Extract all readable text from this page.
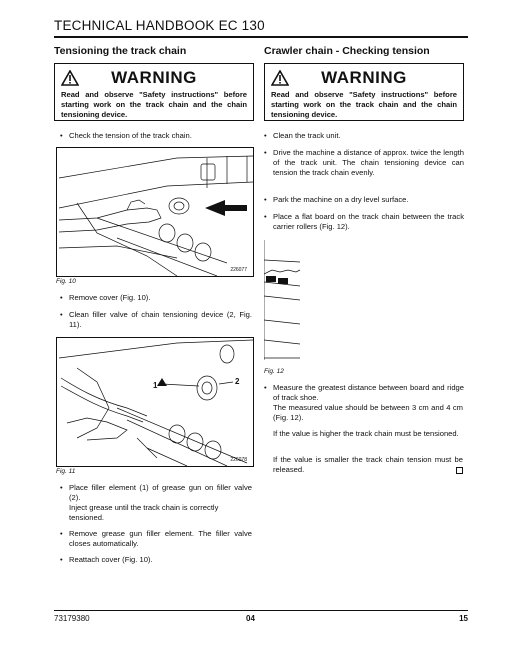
TECHNICAL HANDBOOK EC 130
Tensioning the track chain
WARNING
Read and observe "Safety instructions" before starting work on the track chain and the chain tensioning device.
• Check the tension of the track chain.
226077
Fig. 10
• Remove cover (Fig. 10).
• Clean filler valve of chain tensioning device (2, Fig. 11).
1	2
226078
Fig. 11
• Place filler element (1) of grease gun on filler valve (2).
Inject grease until the track chain is correctly tensioned.
• Remove grease gun filler element. The filler valve closes automatically.
• Reattach cover (Fig. 10).
Crawler chain - Checking tension
WARNING
Read and observe "Safety instructions" before starting work on the track chain and the chain tensioning device.
• Clean the track unit.
• Drive the machine a distance of approx. twice the length of the track unit. The chain tensioning device can tension the track chain evenly.
• Park the machine on a dry level surface.
• Place a flat board on the track chain between the track carrier rollers (Fig. 12).
Fig. 12
• Measure the greatest distance between board and ridge of track shoe.
The measured value should be between 3 cm and 4 cm (Fig. 12).
If the value is higher the track chain must be tensioned.
If the value is smaller the track chain tension must be released.
73179380	04	15
